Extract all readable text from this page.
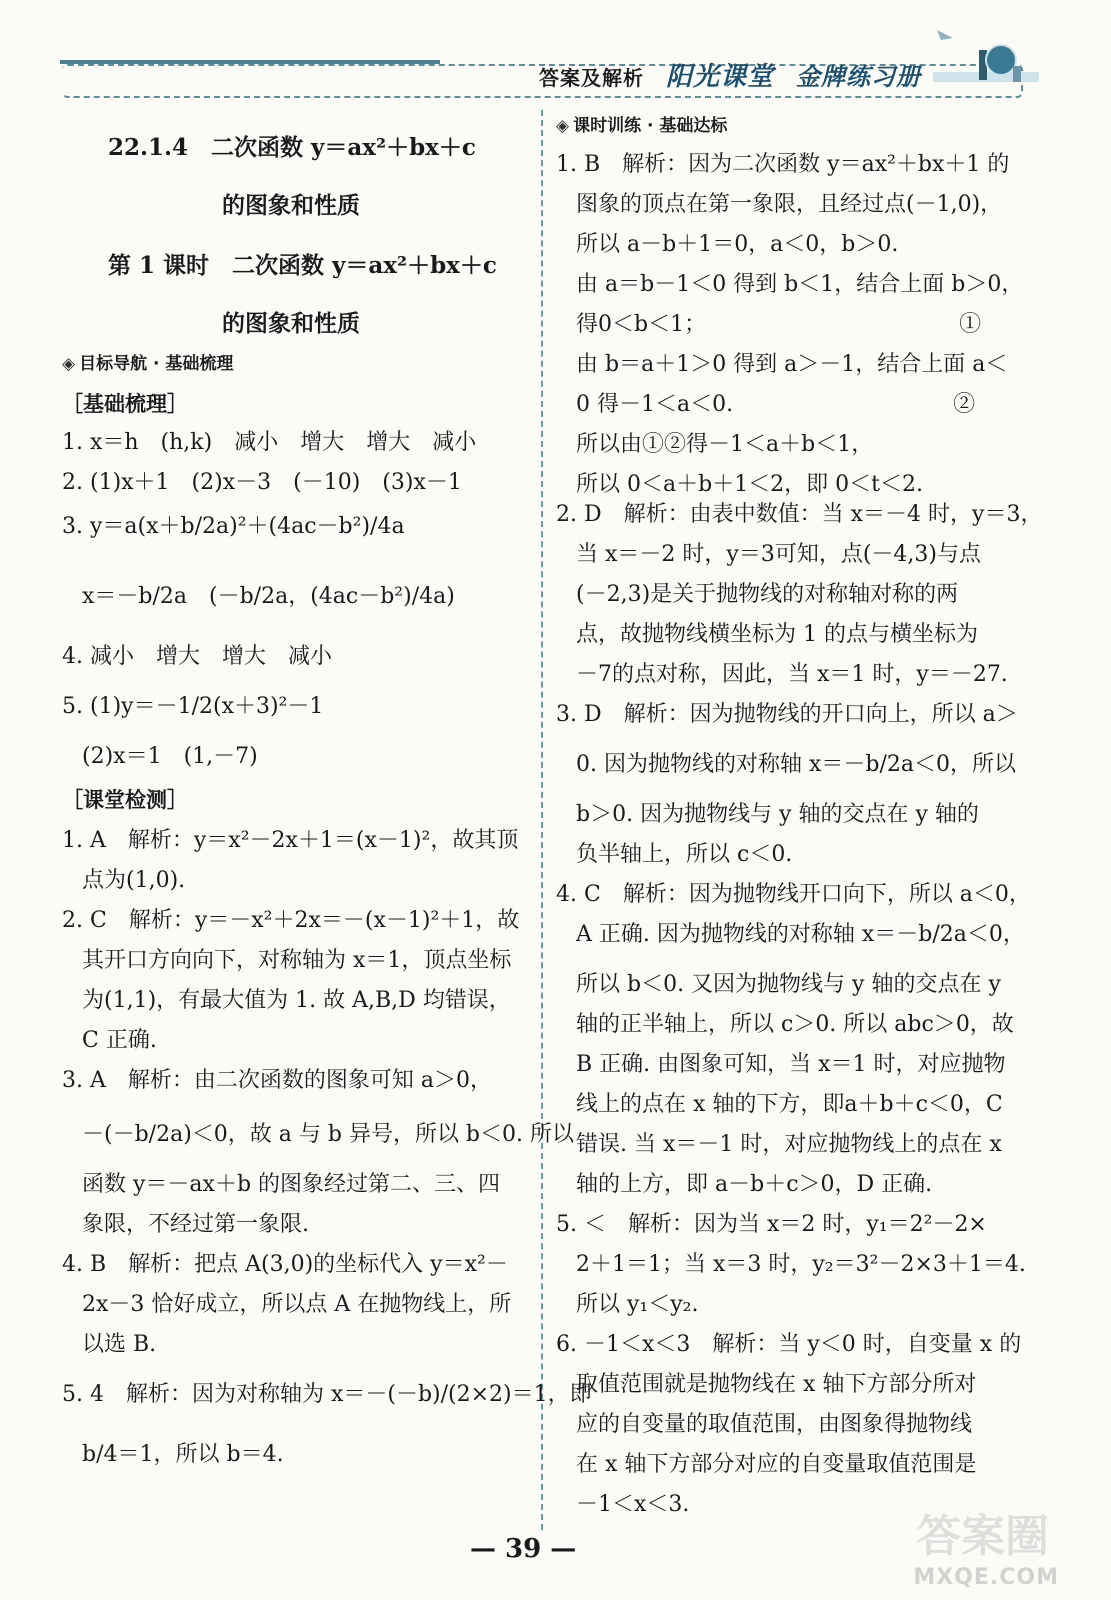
答案及解析 阳光课堂 金牌练习册
22.1.4　二次函数 y＝ax²＋bx＋c
的图象和性质
第 1 课时　二次函数 y＝ax²＋bx＋c
的图象和性质
◈ 目标导航 · 基础梳理
［基础梳理］
1. x＝h　(h,k)　减小　增大　增大　减小
2. (1)x＋1　(2)x－3　(－10)　(3)x－1
3. y＝a(x＋b/2a)²＋(4ac－b²)/4a
x＝－b/2a　(－b/2a，(4ac－b²)/4a)
4. 减小　增大　增大　减小
5. (1)y＝－1/2(x＋3)²－1
(2)x＝1　(1,－7)
［课堂检测］
1. A　解析：y＝x²－2x＋1＝(x－1)²，故其顶
点为(1,0).
2. C　解析：y＝－x²＋2x＝－(x－1)²＋1，故
其开口方向向下，对称轴为 x＝1，顶点坐标
为(1,1)，有最大值为 1. 故 A,B,D 均错误，
C 正确.
3. A　解析：由二次函数的图象可知 a＞0，
－(－b/2a)＜0，故 a 与 b 异号，所以 b＜0. 所以
函数 y＝－ax＋b 的图象经过第二、三、四
象限，不经过第一象限.
4. B　解析：把点 A(3,0)的坐标代入 y＝x²－
2x－3 恰好成立，所以点 A 在抛物线上，所
以选 B.
5. 4　解析：因为对称轴为 x＝－(－b)/(2×2)＝1，即
b/4＝1，所以 b＝4.
◈ 课时训练 · 基础达标
1. B　解析：因为二次函数 y＝ax²＋bx＋1 的
图象的顶点在第一象限，且经过点(－1,0)，
所以 a－b＋1＝0，a＜0，b＞0.
由 a＝b－1＜0 得到 b＜1，结合上面 b＞0，
得0＜b＜1；　　　　　　　　　　　　①
由 b＝a＋1＞0 得到 a＞－1，结合上面 a＜
0 得－1＜a＜0.　　　　　　　　　　②
所以由①②得－1＜a＋b＜1，
所以 0＜a＋b＋1＜2，即 0＜t＜2.
2. D　解析：由表中数值：当 x＝－4 时，y＝3，
当 x＝－2 时，y＝3可知，点(－4,3)与点
(－2,3)是关于抛物线的对称轴对称的两
点，故抛物线横坐标为 1 的点与横坐标为
－7的点对称，因此，当 x＝1 时，y＝－27.
3. D　解析：因为抛物线的开口向上，所以 a＞
0. 因为抛物线的对称轴 x＝－b/2a＜0，所以
b＞0. 因为抛物线与 y 轴的交点在 y 轴的
负半轴上，所以 c＜0.
4. C　解析：因为抛物线开口向下，所以 a＜0，
A 正确. 因为抛物线的对称轴 x＝－b/2a＜0，
所以 b＜0. 又因为抛物线与 y 轴的交点在 y
轴的正半轴上，所以 c＞0. 所以 abc＞0，故
B 正确. 由图象可知，当 x＝1 时，对应抛物
线上的点在 x 轴的下方，即a＋b＋c＜0，C
错误. 当 x＝－1 时，对应抛物线上的点在 x
轴的上方，即 a－b＋c＞0，D 正确.
5. ＜　解析：因为当 x＝2 时，y₁＝2²－2×
2＋1＝1；当 x＝3 时，y₂＝3²－2×3＋1＝4.
所以 y₁＜y₂.
6. －1＜x＜3　解析：当 y＜0 时，自变量 x 的
取值范围就是抛物线在 x 轴下方部分所对
应的自变量的取值范围，由图象得抛物线
在 x 轴下方部分对应的自变量取值范围是
－1＜x＜3.
— 39 —	答案圈
MXQE.COM
